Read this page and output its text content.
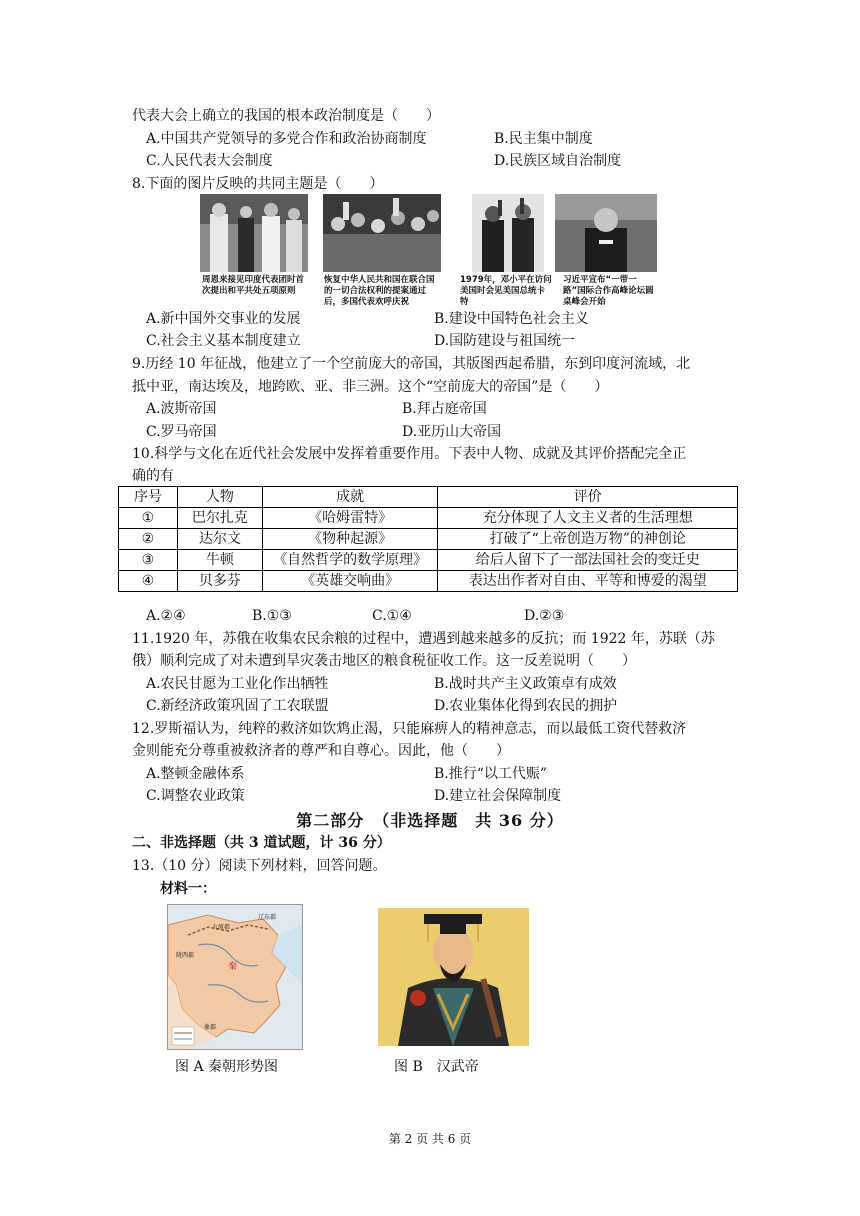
代表大会上确立的我国的根本政治制度是（　　）
A.中国共产党领导的多党合作和政治协商制度	B.民主集中制度
C.人民代表大会制度	D.民族区域自治制度
8.下面的图片反映的共同主题是（　　）
周恩来接见印度代表团时首次提出和平共处五项原则
恢复中华人民共和国在联合国的一切合法权利的提案通过后，多国代表欢呼庆祝
1979年，邓小平在访问美国时会见美国总统卡特
习近平宣布“一带一路”国际合作高峰论坛圆桌峰会开始
A.新中国外交事业的发展	B.建设中国特色社会主义
C.社会主义基本制度建立	D.国防建设与祖国统一
9.历经 10 年征战，他建立了一个空前庞大的帝国，其版图西起希腊，东到印度河流域，北
抵中亚，南达埃及，地跨欧、亚、非三洲。这个“空前庞大的帝国”是（　　）
A.波斯帝国	B.拜占庭帝国
C.罗马帝国	D.亚历山大帝国
10.科学与文化在近代社会发展中发挥着重要作用。下表中人物、成就及其评价搭配完全正
确的有
序号	人物	成就	评价
①	巴尔扎克	《哈姆雷特》	充分体现了人文主义者的生活理想
②	达尔文	《物种起源》	打破了“上帝创造万物”的神创论
③	牛顿	《自然哲学的数学原理》	给后人留下了一部法国社会的变迁史
④	贝多芬	《英雄交响曲》	表达出作者对自由、平等和博爱的渴望
A.②④	B.①③	C.①④	D.②③
11.1920 年，苏俄在收集农民余粮的过程中，遭遇到越来越多的反抗；而 1922 年，苏联（苏
俄）顺利完成了对未遭到旱灾袭击地区的粮食税征收工作。这一反差说明（　　）
A.农民甘愿为工业化作出牺牲	B.战时共产主义政策卓有成效
C.新经济政策巩固了工农联盟	D.农业集体化得到农民的拥护
12.罗斯福认为，纯粹的救济如饮鸩止渴，只能麻痹人的精神意志，而以最低工资代替救济
金则能充分尊重被救济者的尊严和自尊心。因此，他（　　）
A.整顿金融体系	B.推行“以工代赈”
C.调整农业政策	D.建立社会保障制度
第二部分　（非选择题　共 36 分）
二、非选择题（共 3 道试题，计 36 分）
13.（10 分）阅读下列材料，回答问题。
材料一：
秦
辽东郡
九原郡
陇西郡
象郡
图 A 秦朝形势图	图 B　汉武帝
第 2 页 共 6 页
